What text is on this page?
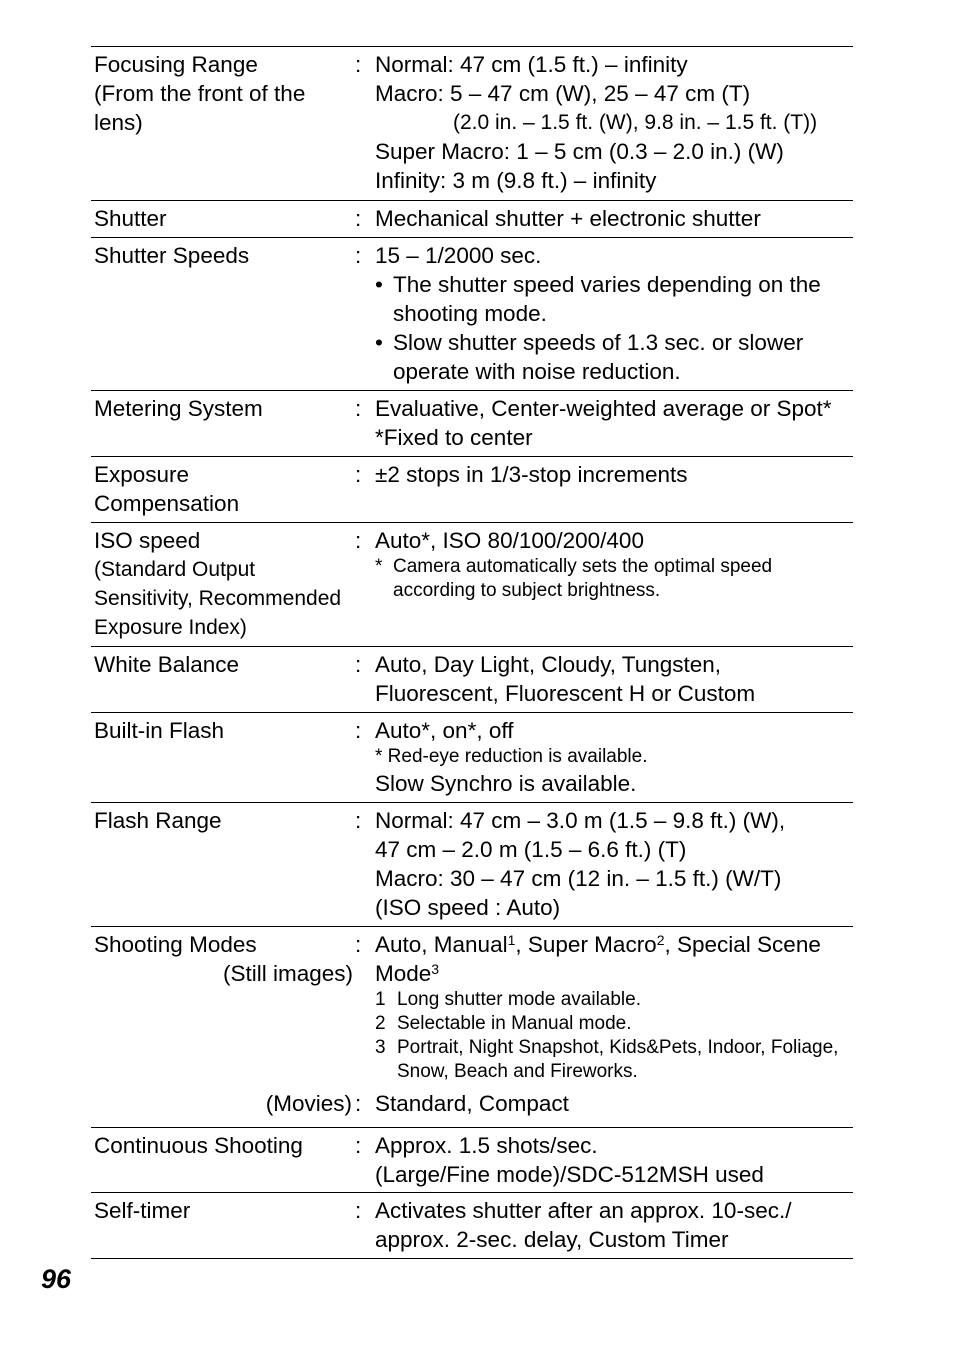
Focusing Range
(From the front of the
lens)
: Normal: 47 cm (1.5 ft.) – infinity
Macro: 5 – 47 cm (W), 25 – 47 cm (T)
(2.0 in. – 1.5 ft. (W), 9.8 in. – 1.5 ft. (T))
Super Macro: 1 – 5 cm (0.3 – 2.0 in.) (W)
Infinity: 3 m (9.8 ft.) – infinity
Shutter	: Mechanical shutter + electronic shutter
Shutter Speeds	: 15 – 1/2000 sec.
• The shutter speed varies depending on the shooting mode.
• Slow shutter speeds of 1.3 sec. or slower operate with noise reduction.
Metering System	: Evaluative, Center-weighted average or Spot*
*Fixed to center
Exposure
Compensation
: ±2 stops in 1/3-stop increments
ISO speed
(Standard Output
Sensitivity, Recommended
Exposure Index)
: Auto*, ISO 80/100/200/400
* Camera automatically sets the optimal speed according to subject brightness.
White Balance	: Auto, Day Light, Cloudy, Tungsten,
Fluorescent, Fluorescent H or Custom
Built-in Flash	: Auto*, on*, off
* Red-eye reduction is available.
Slow Synchro is available.
Flash Range	: Normal: 47 cm – 3.0 m (1.5 – 9.8 ft.) (W),
47 cm – 2.0 m (1.5 – 6.6 ft.) (T)
Macro: 30 – 47 cm (12 in. – 1.5 ft.) (W/T)
(ISO speed : Auto)
Shooting Modes
(Still images)
: Auto, Manual$^1$, Super Macro$^2$, Special Scene
Mode$^3$
1 Long shutter mode available.
2 Selectable in Manual mode.
3 Portrait, Night Snapshot, Kids&Pets, Indoor, Foliage, Snow, Beach and Fireworks.
(Movies) : Standard, Compact
Continuous Shooting	: Approx. 1.5 shots/sec.
(Large/Fine mode)/SDC-512MSH used
Self-timer	: Activates shutter after an approx. 10-sec./
approx. 2-sec. delay, Custom Timer
96
